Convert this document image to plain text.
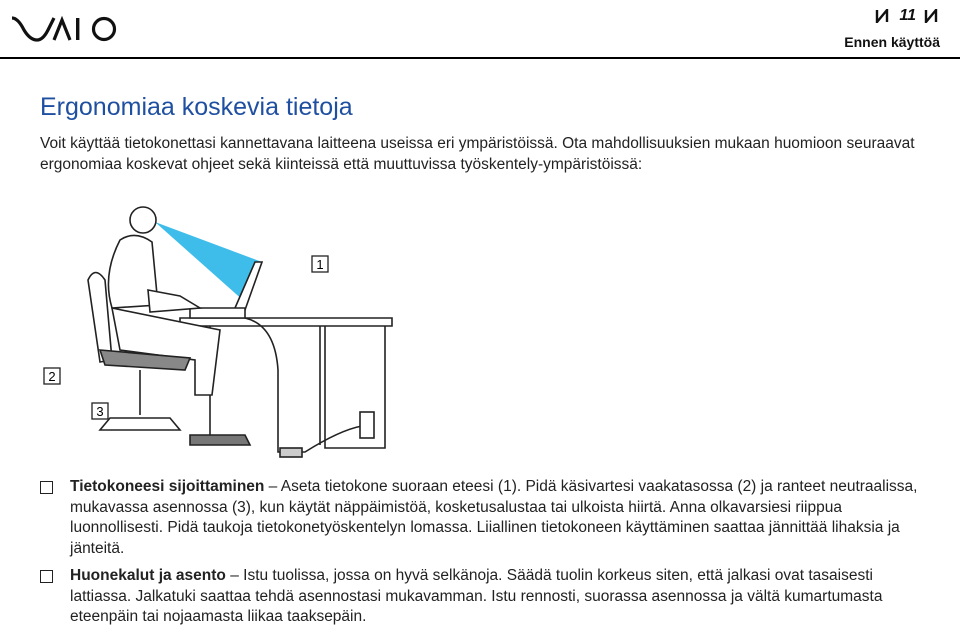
11
Ennen käyttöä
Ergonomiaa koskevia tietoja

Voit käyttää tietokonettasi kannettavana laitteena useissa eri ympäristöissä. Ota mahdollisuuksien mukaan huomioon seuraavat ergonomiaa koskevat ohjeet sekä kiinteissä että muuttuvissa työskentely-ympäristöissä:

1
2
3
Tietokoneesi sijoittaminen – Aseta tietokone suoraan eteesi (1). Pidä käsivartesi vaakatasossa (2) ja ranteet neutraalissa, mukavassa asennossa (3), kun käytät näppäimistöä, kosketusalustaa tai ulkoista hiirtä. Anna olkavarsiesi riippua luonnollisesti. Pidä taukoja tietokonetyöskentelyn lomassa. Liiallinen tietokoneen käyttäminen saattaa jännittää lihaksia ja jänteitä.
Huonekalut ja asento – Istu tuolissa, jossa on hyvä selkänoja. Säädä tuolin korkeus siten, että jalkasi ovat tasaisesti lattiassa. Jalkatuki saattaa tehdä asennostasi mukavamman. Istu rennosti, suorassa asennossa ja vältä kumartumasta eteenpäin tai nojaamasta liikaa taaksepäin.
